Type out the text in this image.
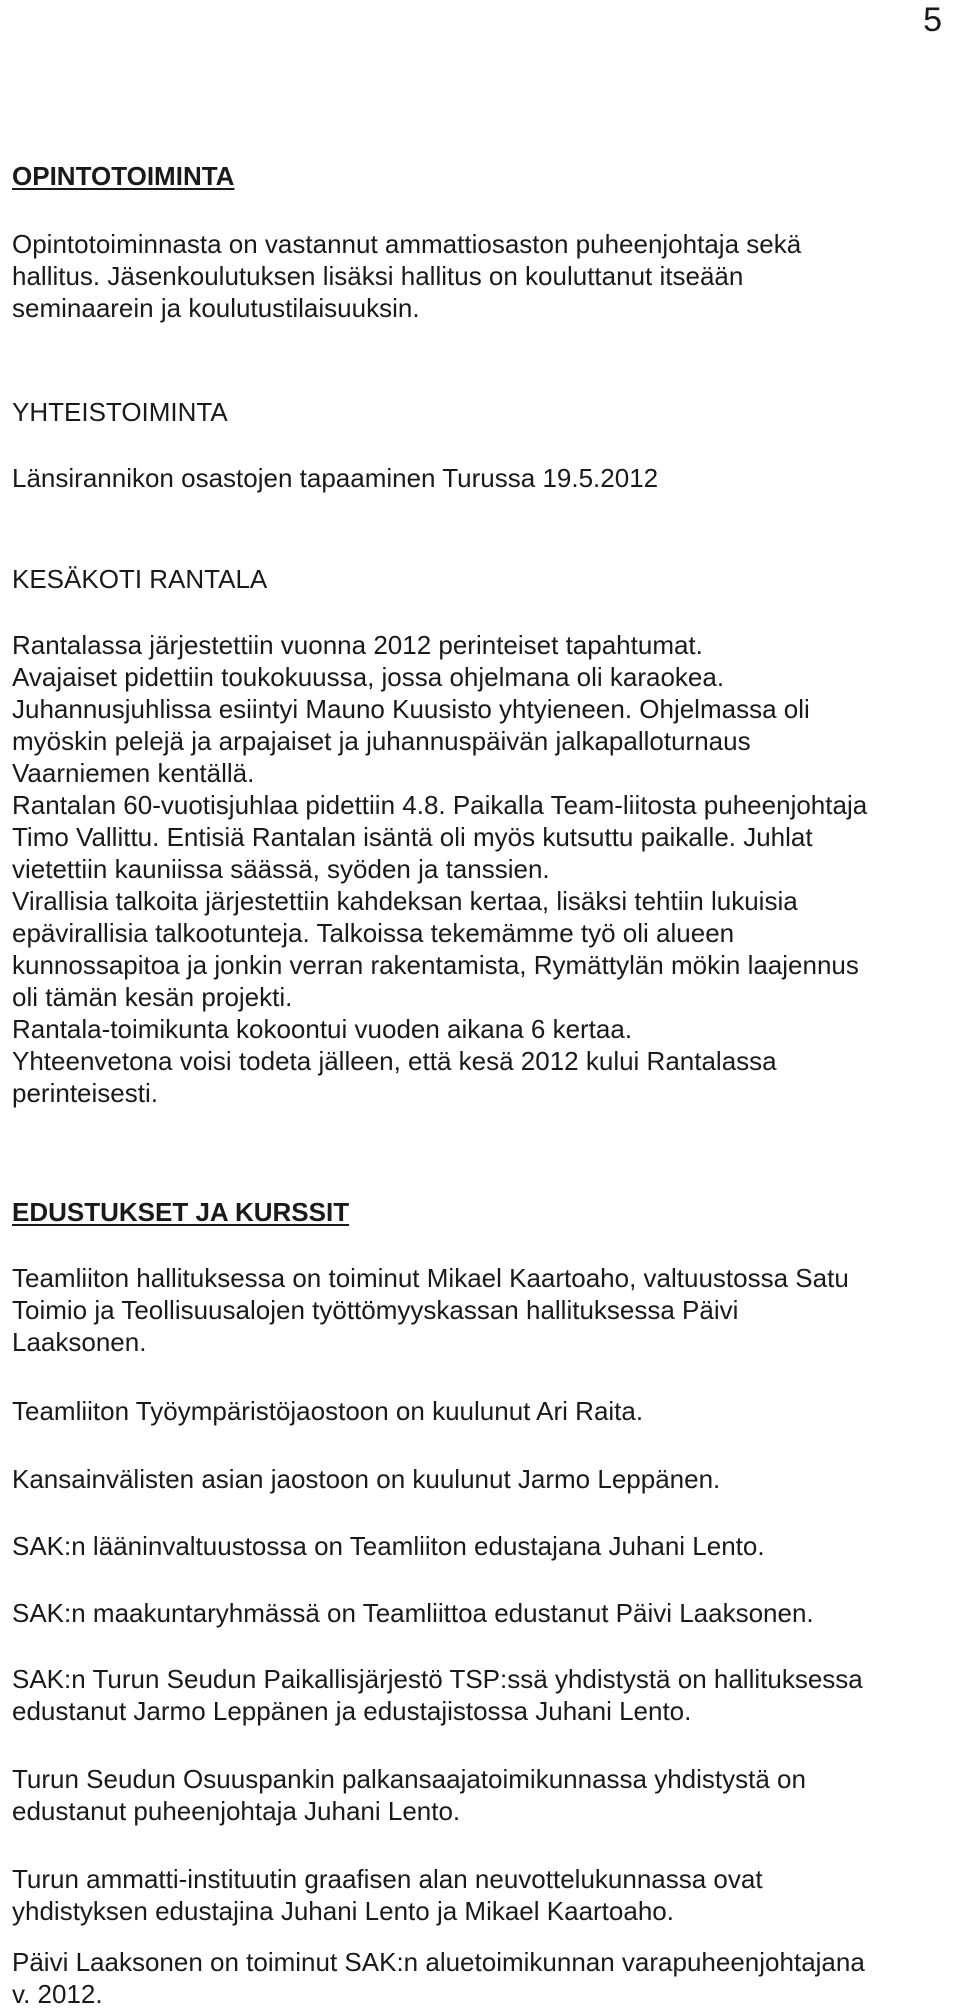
5
OPINTOTOIMINTA
Opintotoiminnasta on vastannut ammattiosaston puheenjohtaja sekä
hallitus. Jäsenkoulutuksen lisäksi hallitus on kouluttanut itseään
seminaarein ja koulutustilaisuuksin.
YHTEISTOIMINTA
Länsirannikon osastojen tapaaminen Turussa 19.5.2012
KESÄKOTI RANTALA
Rantalassa järjestettiin vuonna 2012 perinteiset tapahtumat.
Avajaiset pidettiin toukokuussa, jossa ohjelmana oli karaokea.
Juhannusjuhlissa esiintyi Mauno Kuusisto yhtyieneen. Ohjelmassa oli
myöskin pelejä ja arpajaiset ja juhannuspäivän jalkapalloturnaus
Vaarniemen kentällä.
Rantalan 60-vuotisjuhlaa pidettiin 4.8. Paikalla Team-liitosta puheenjohtaja
Timo Vallittu. Entisiä Rantalan isäntä oli myös kutsuttu paikalle. Juhlat
vietettiin kauniissa säässä, syöden ja tanssien.
Virallisia talkoita järjestettiin kahdeksan kertaa, lisäksi tehtiin lukuisia
epävirallisia talkootunteja. Talkoissa tekemämme työ oli alueen
kunnossapitoa ja jonkin verran rakentamista, Rymättylän mökin laajennus
oli tämän kesän projekti.
Rantala-toimikunta kokoontui vuoden aikana 6 kertaa.
Yhteenvetona voisi todeta jälleen, että kesä 2012 kului Rantalassa
perinteisesti.
EDUSTUKSET JA KURSSIT
Teamliiton hallituksessa on toiminut Mikael Kaartoaho, valtuustossa Satu
Toimio ja Teollisuusalojen työttömyyskassan hallituksessa Päivi
Laaksonen.
Teamliiton Työympäristöjaostoon on kuulunut Ari Raita.
Kansainvälisten asian jaostoon on kuulunut Jarmo Leppänen.
SAK:n lääninvaltuustossa on Teamliiton edustajana Juhani Lento.
SAK:n maakuntaryhmässä on Teamliittoa edustanut Päivi Laaksonen.
SAK:n Turun Seudun Paikallisjärjestö TSP:ssä yhdistystä on hallituksessa
edustanut Jarmo Leppänen ja edustajistossa Juhani Lento.
Turun Seudun Osuuspankin palkansaajatoimikunnassa yhdistystä on
edustanut puheenjohtaja Juhani Lento.
Turun ammatti-instituutin graafisen alan neuvottelukunnassa ovat
yhdistyksen edustajina Juhani Lento ja Mikael Kaartoaho.
Päivi Laaksonen on toiminut SAK:n aluetoimikunnan varapuheenjohtajana
v. 2012.
